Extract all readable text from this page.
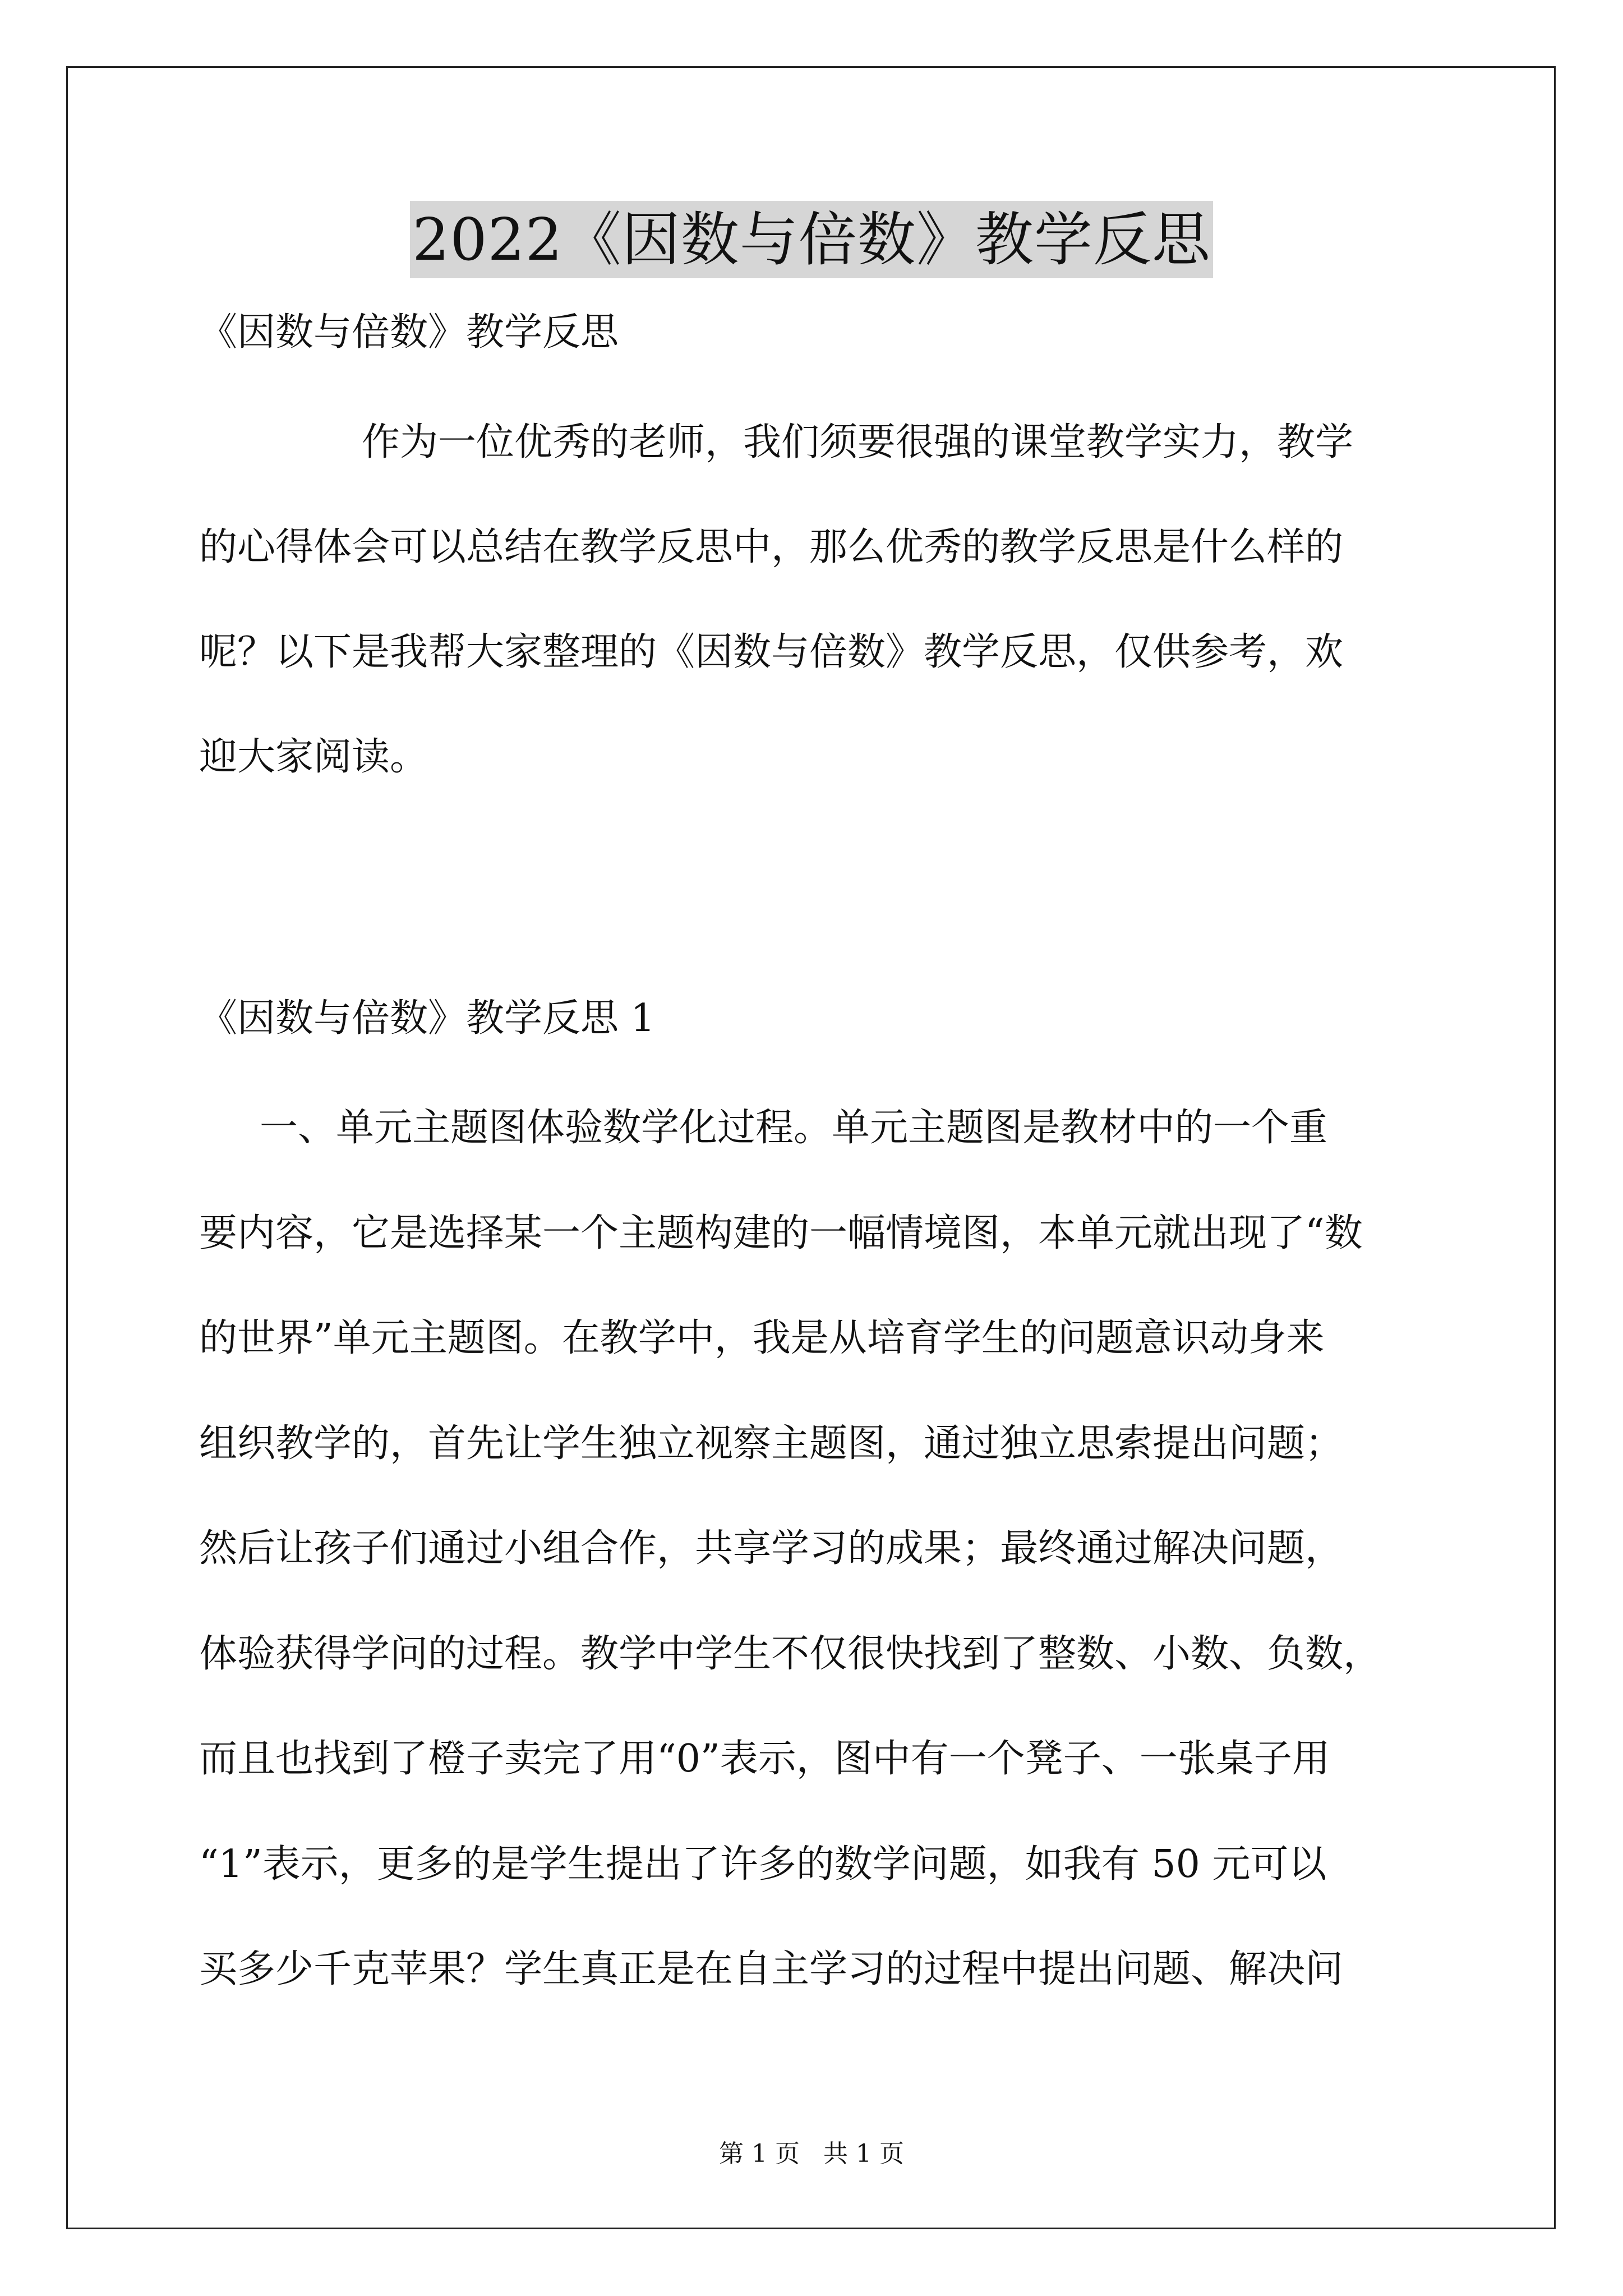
2022《因数与倍数》教学反思
《因数与倍数》教学反思
作为一位优秀的老师，我们须要很强的课堂教学实力，教学
的心得体会可以总结在教学反思中，那么优秀的教学反思是什么样的
呢？以下是我帮大家整理的《因数与倍数》教学反思，仅供参考，欢
迎大家阅读。
《因数与倍数》教学反思 1
一、单元主题图体验数学化过程。单元主题图是教材中的一个重
要内容，它是选择某一个主题构建的一幅情境图，本单元就出现了“数
的世界”单元主题图。在教学中，我是从培育学生的问题意识动身来
组织教学的，首先让学生独立视察主题图，通过独立思索提出问题；
然后让孩子们通过小组合作，共享学习的成果；最终通过解决问题，
体验获得学问的过程。教学中学生不仅很快找到了整数、小数、负数，
而且也找到了橙子卖完了用“0”表示，图中有一个凳子、一张桌子用
“1”表示，更多的是学生提出了许多的数学问题，如我有 50 元可以
买多少千克苹果？学生真正是在自主学习的过程中提出问题、解决问
第 1 页 共 1 页
